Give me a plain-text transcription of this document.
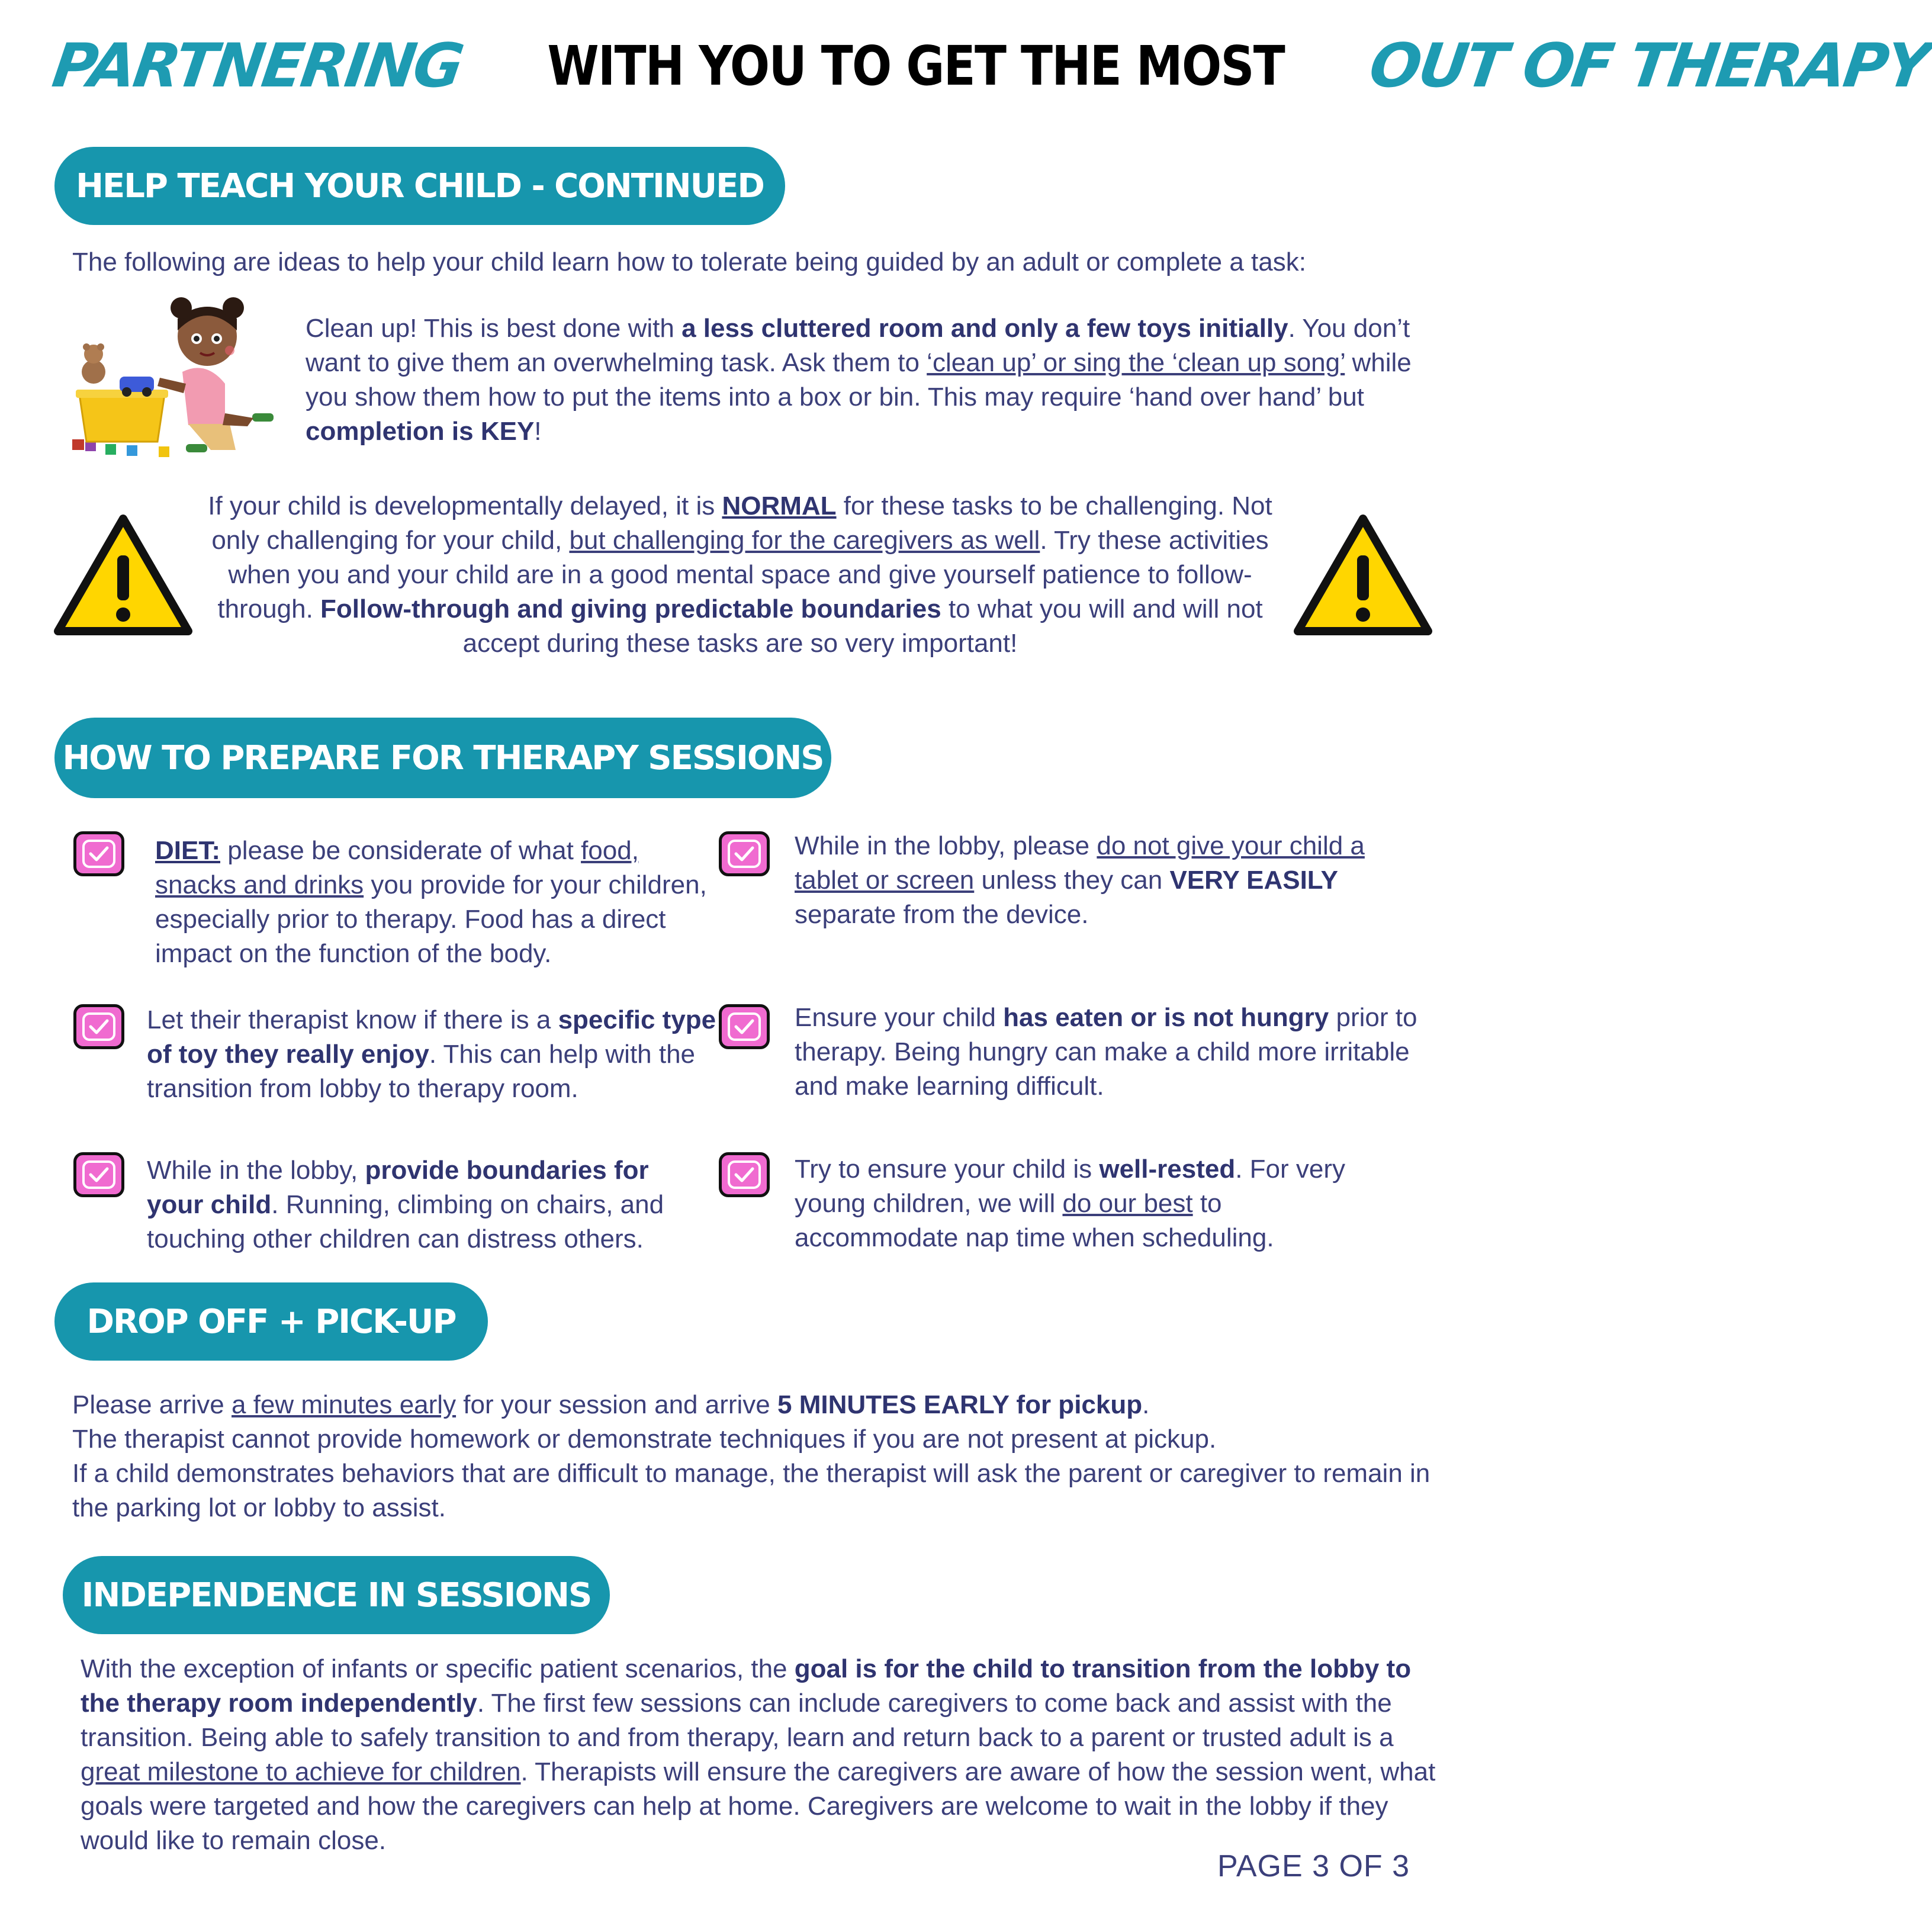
PARTNERING WITH YOU TO GET THE MOST OUT OF THERAPY
HELP TEACH YOUR CHILD - CONTINUED
The following are ideas to help your child learn how to tolerate being guided by an adult or complete a task:
Clean up! This is best done with a less cluttered room and only a few toys initially. You don’t want to give them an overwhelming task. Ask them to ‘clean up’ or sing the ‘clean up song’ while you show them how to put the items into a box or bin. This may require ‘hand over hand’ but completion is KEY!
If your child is developmentally delayed, it is NORMAL for these tasks to be challenging. Not only challenging for your child, but challenging for the caregivers as well. Try these activities when you and your child are in a good mental space and give yourself patience to follow-through. Follow-through and giving predictable boundaries to what you will and will not accept during these tasks are so very important!
HOW TO PREPARE FOR THERAPY SESSIONS
DIET: please be considerate of what food, snacks and drinks you provide for your children, especially prior to therapy. Food has a direct impact on the function of the body.
Let their therapist know if there is a specific type of toy they really enjoy. This can help with the transition from lobby to therapy room.
While in the lobby, provide boundaries for your child. Running, climbing on chairs, and touching other children can distress others.
While in the lobby, please do not give your child a tablet or screen unless they can VERY EASILY separate from the device.
Ensure your child has eaten or is not hungry prior to therapy. Being hungry can make a child more irritable and make learning difficult.
Try to ensure your child is well-rested. For very young children, we will do our best to accommodate nap time when scheduling.
DROP OFF + PICK-UP
Please arrive a few minutes early for your session and arrive 5 MINUTES EARLY for pickup.
The therapist cannot provide homework or demonstrate techniques if you are not present at pickup.
If a child demonstrates behaviors that are difficult to manage, the therapist will ask the parent or caregiver to remain in the parking lot or lobby to assist.
INDEPENDENCE IN SESSIONS
With the exception of infants or specific patient scenarios, the goal is for the child to transition from the lobby to the therapy room independently. The first few sessions can include caregivers to come back and assist with the transition. Being able to safely transition to and from therapy, learn and return back to a parent or trusted adult is a great milestone to achieve for children. Therapists will ensure the caregivers are aware of how the session went, what goals were targeted and how the caregivers can help at home. Caregivers are welcome to wait in the lobby if they would like to remain close.
PAGE 3 OF 3
